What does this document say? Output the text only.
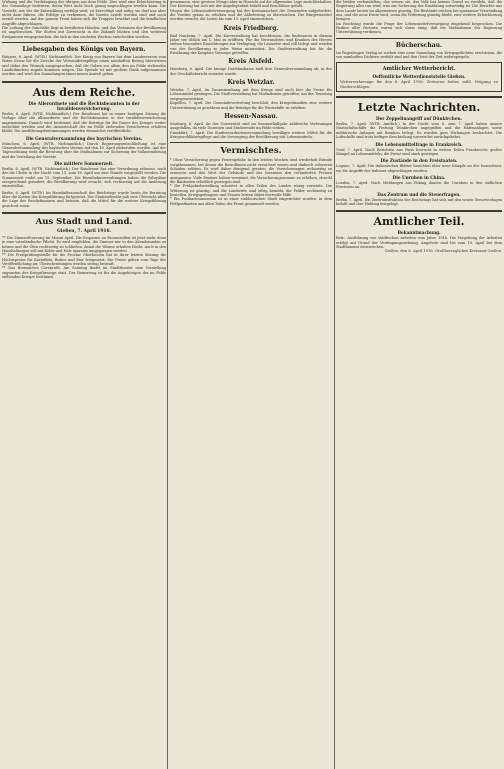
Wirkung und die Verdrängung der übrigen aus dem Felde. Dies wird eine Erleichterung in der Gesamtlage bedeuten, deren Wert nicht hoch genug angeschlagen werden kann. Die Vorsicht, mit der die Entwicklung verfolgt wird, ist berechtigt und nötig; sie darf uns aber nicht dazu führen, die Erfolge zu verkennen, die bereits erzielt worden sind und noch erzielt werden. Auf der ganzen Front haben sich die Truppen bewährt und die feindlichen Angriffe abgeschlagen.

Die Leitung der Geschäfte liegt in bewährten Händen, und das Vertrauen der Bevölkerung ist ungebrochen. Wir dürfen mit Zuversicht in die Zukunft blicken und den weiteren Ereignissen entgegensehen, die sich in den nächsten Wochen entscheiden werden.

Liebesgaben des Königs von Bayern.

Rütgers, 6. April. (WTB.) Nichtamtlich. Der König von Bayern hat dem Landesverein vom Roten Kreuz für die Zwecke der Verwundetenpflege einen namhaften Betrag überwiesen und dabei den Wunsch ausgesprochen, daß die Gaben vor allem den im Felde stehenden Landeskindern zugute kommen mögen. Die Spende ist mit großem Dank aufgenommen worden und wird den Sammlungen einen neuen Anstoß geben.

Aus dem Reiche.
Die Allerordnete und die Rechtsbeamten in der Invalidenversicherung.

Berlin, 6. April. (WTB. Nichtamtlich.) Der Bundesrat hat in seiner heutigen Sitzung die Vorlage über die Allerordnete und die Rechtsbeamten in der Invalidenversicherung angenommen. Danach wird bestimmt, daß die Beiträge für die Dauer des Krieges weiter entrichtet werden und die Anwartschaft der im Felde stehenden Versicherten erhalten bleibt. Die Ausführungsbestimmungen werden demnächst veröffentlicht.

Die Generalversammlung des bayrischen Vereins.

München, 6. April. (WTB. Nichtamtlich.) Durch Regierungsentschließung ist eine Generalversammlung des bayrischen Vereins auf den 16. April einberufen worden. Auf der Tagesordnung steht die Beratung über die Maßnahmen zur Sicherung der Volksernährung und die Verteilung der Vorräte.

Die mittlere Sommerzeit.

Berlin, 6. April. (WTB. Nichtamtlich.) Der Bundesrat hat eine Verordnung erlassen, nach der die Uhren in der Nacht vom 15. zum 16. April um eine Stunde vorgestellt werden. Die Sommerzeit endet am 15. September. Die Eisenbahnverwaltungen haben die Fahrpläne entsprechend geändert; die Bevölkerung wird ersucht, sich rechtzeitig auf die Änderung einzustellen.

Berlin, 6. April. (WTB.) Im Haushaltsausschuß des Reichstags wurde heute die Beratung über die Kosten der Kriegsführung fortgesetzt. Der Staatssekretär gab eine Übersicht über die Lage der Reichsfinanzen und betonte, daß die Mittel für die weitere Kriegsführung gesichert seien.

Aus Stadt und Land.
Gießen, 7. April 1916.

** Die Zimmerfeuerung im Monat April. Die Ersparnis an Brennstoffen ist jetzt mehr denn je eine vaterländische Pflicht. Es wird empfohlen, die Zimmer nur in den Abendstunden zu heizen und die Öfen rechtzeitig zu schließen, damit die Wärme erhalten bleibt. Auch in den Haushaltungen soll mit Kohle und Holz sparsam umgegangen werden.

** Die Preisprüfungsstelle für die Provinz Oberhessen hat in ihrer letzten Sitzung die Höchstpreise für Kartoffeln, Butter und Eier festgesetzt. Die Preise gelten vom Tage der Veröffentlichung an; Überschreitungen werden streng bestraft.

** Das Bremisches Corenrath. Am Sonntag findet im Stadttheater eine Vorstellung zugunsten der Kriegsfürsorge statt. Der Reinertrag ist für die Angehörigen der im Felde stehenden Krieger bestimmt.

genommen, eine gewisse Menge aber in Hinsicht auf die allgemeine Lage zurückbehalten. Der Kreistag hat sich mit der Angelegenheit befaßt und Beschlüsse gefaßt.

Wegen der Lebensmittelversorgung hat der Kreisausschuß die Gemeinden aufgefordert, die Vorräte genau zu erheben und die Ablieferung zu überwachen. Die Bürgermeister werden ersucht, die Listen bis zum 15. April einzureichen.

Kreis Friedberg.

Bad Nauheim, 7. April. Die Kurverwaltung hat beschlossen, die Badesaison in diesem Jahre wie üblich am 1. Mai zu eröffnen. Für die Verwundeten und Kranken des Heeres stehen besondere Einrichtungen zur Verfügung; die Lazarette sind voll belegt und werden von der Bevölkerung in jeder Weise unterstützt. Die Stadtverwaltung hat für die Ernährung der Kurgäste Vorsorge getroffen.

Kreis Alsfeld.

Homberg, 6. April. Die hiesige Darlehnskasse hielt ihre Generalversammlung ab, in der der Geschäftsbericht erstattet wurde.

Kreis Wetzlar.

Wetzlar, 7. April. Im Zusammenhang mit dem Kriege sind auch hier die Preise für Lebensmittel gestiegen. Die Stadtverwaltung hat Maßnahmen getroffen, um der Teuerung entgegenzuwirken.

Kapellen, 7. April. Die Gemeindevertretung beschloß, den Kriegerfamilien eine weitere Unterstützung zu gewähren und die Beiträge für die Winterhilfe zu erhöhen.

Hessen-Nassau.

Marburg, 6. April. An der Universität sind im Sommerhalbjahr zahlreiche Vorlesungen ausgefallen, da viele Dozenten und Studierende im Felde stehen.

Frankfurt, 7. April. Die Stadtverordnetenversammlung bewilligte weitere Mittel für die Kriegswohlfahrtspflege und die Versorgung der Bevölkerung mit Lebensmitteln.

Vermischtes.

* Ohne Versicherung gegen Feuersgefahr. In den letzten Wochen sind wiederholt Brände vorgekommen, bei denen die Betroffenen nicht versichert waren und dadurch schweren Schaden erlitten. Es wird daher dringend geraten, die Versicherungen rechtzeitig zu erneuern und den Wert der Gebäude und des Inventars den veränderten Preisen anzupassen. Viele Besitzer haben versäumt, die Versicherungssumme zu erhöhen, obwohl die Baukosten erheblich gestiegen sind.

* Die Frühjahrsbestellung schreitet in allen Teilen des Landes rüstig vorwärts. Die Witterung ist günstig, und die Landwirte sind eifrig bemüht, die Felder rechtzeitig zu bestellen. Kriegsgefangene und Frauen leisten dabei wertvolle Hilfe.

* Ein Postkartenmuseum ist in einer süddeutschen Stadt eingerichtet worden, in dem Feldpostkarten aus allen Teilen der Front gesammelt werden.

die beiden verhandelten, das wissen sie, das Volk hat keinen Grund zu zweifeln, daß die Regierung alles tun wird, was zur Sicherung der Ernährung notwendig ist. Die Berichte aus dem Lande lauten im allgemeinen günstig. Die Bestände reichen bei sparsamer Verwendung aus, und die neue Ernte wird, wenn die Witterung günstig bleibt, eine weitere Erleichterung bringen.

Im Reichstag wurde die Frage der Lebensmittelversorgung eingehend besprochen. Die Redner aller Parteien waren sich darin einig, daß die Maßnahmen der Regierung Unterstützung verdienen.

Bücherschau.

Im Regenbogen Verlag ist soeben eine neue Sammlung von Kriegsgedichten erschienen, die von namhaften Dichtern verfaßt sind und den Geist der Zeit widerspiegeln.

Amtlicher Wetterbericht.
Oeffentliche Wetterdienststelle Gießen.

Wettervorhersage für den 8. April 1916: Zeitweise heiter, mild, Neigung zu Niederschlägen.

Letzte Nachrichten.
Der Zeppelinangriff auf Dünkirchen.

Berlin, 7. April. (WTB. Amtlich.) In der Nacht vom 6. zum 7. April haben unsere Marineluftschiffe die Festung Dünkirchen angegriffen und die Hafenanlagen sowie militärische Anlagen mit Bomben belegt. Es wurden gute Wirkungen beobachtet. Die Luftschiffe sind trotz heftiger Beschießung unversehrt zurückgekehrt.

Die Lebensmittelfrage in Frankreich.

Genf, 7. April. Nach Berichten aus Paris herrscht in weiten Teilen Frankreichs großer Mangel an Lebensmitteln; die Preise sind stark gestiegen.

Die Zustände in den Freistaaten.

Lugano, 7. April. Die italienischen Blätter berichten über neue Kämpfe an der Isonzofront, wo die Angriffe der Italiener abgeschlagen wurden.

Die Unruhen in China.

London, 7. April. Nach Meldungen aus Peking dauern die Unruhen in den südlichen Provinzen an.

Das Zentrum und die Steuerfragen.

Berlin, 7. April. Die Zentrumsfraktion des Reichstags hat sich mit den neuen Steuervorlagen befaßt und ihre Haltung festgelegt.

Amtlicher Teil.
Bekanntmachung.

Betr.: Ausführung von städtischen Arbeiten vom Jahre 1916. Die Vergebung der Arbeiten erfolgt auf Grund der Verdingungsordnung. Angebote sind bis zum 15. April bei dem Stadtbauamt einzureichen.

Gießen, den 6. April 1916. Großherzogliches Kreisamt Gießen.
